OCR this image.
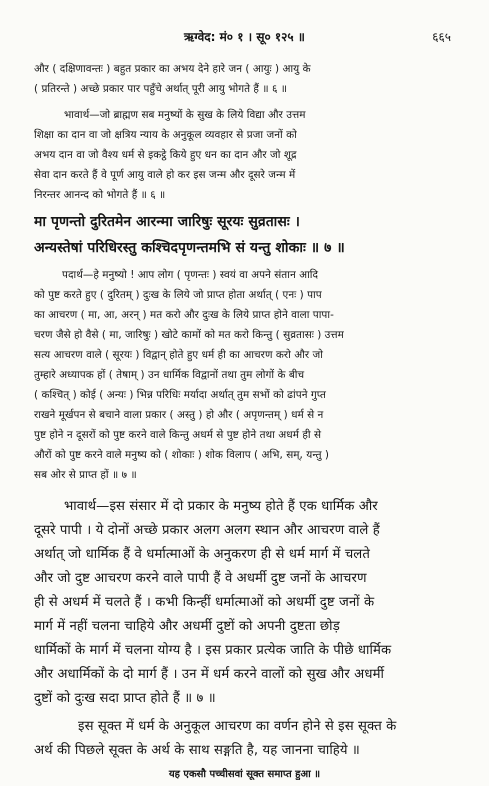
ऋग्वेद: मं० १ । सू० १२५ ॥	६६५
और ( दक्षिणावन्तः ) बहुत प्रकार का अभय देने हारे जन ( आयुः ) आयु के
( प्रतिरन्ते ) अच्छे प्रकार पार पहुँचे अर्थात् पूरी आयु भोगते हैं ॥ ६ ॥
भावार्थ—जो ब्राह्मण सब मनुष्यों के सुख के लिये विद्या और उत्तम
शिक्षा का दान वा जो क्षत्रिय न्याय के अनुकूल व्यवहार से प्रजा जनों को
अभय दान वा जो वैश्य धर्म से इकट्ठे किये हुए धन का दान और जो शूद्र
सेवा दान करते हैं वे पूर्ण आयु वाले हो कर इस जन्म और दूसरे जन्म में
निरन्तर आनन्द को भोगते हैं ॥ ६ ॥
मा पृणन्तो दुरितमेन आरन्मा जारिषुः सूरयः सुव्रतासः ।
अन्यस्तेषां परिधिरस्तु कश्चिदपृणन्तमभि सं यन्तु शोकाः ॥ ७ ॥
पदार्थ—हे मनुष्यो ! आप लोग ( पृणन्तः ) स्वयं वा अपने संतान आदि
को पुष्ट करते हुए ( दुरितम् ) दुःख के लिये जो प्राप्त होता अर्थात् ( एनः ) पाप
का आचरण ( मा, आ, अरन् ) मत करो और दुःख के लिये प्राप्त होने वाला पापा-
चरण जैसे हो वैसे ( मा, जारिषुः ) खोटे कामों को मत करो किन्तु ( सुव्रतासः ) उत्तम
सत्य आचरण वाले ( सूरयः ) विद्वान् होते हुए धर्म ही का आचरण करो और जो
तुम्हारे अध्यापक हों ( तेषाम् ) उन धार्मिक विद्वानों तथा तुम लोगों के बीच
( कश्चित् ) कोई ( अन्यः ) भिन्न परिधिः मर्यादा अर्थात् तुम सभों को ढांपने गुप्त
राखने मूर्खपन से बचाने वाला प्रकार ( अस्तु ) हो और ( अपृणन्तम् ) धर्म से न
पुष्ट होने न दूसरों को पुष्ट करने वाले किन्तु अधर्म से पुष्ट होने तथा अधर्म ही से
औरों को पुष्ट करने वाले मनुष्य को ( शोकाः ) शोक विलाप ( अभि, सम्, यन्तु )
सब ओर से प्राप्त हों ॥ ७ ॥
भावार्थ—इस संसार में दो प्रकार के मनुष्य होते हैं एक धार्मिक और
दूसरे पापी । ये दोनों अच्छे प्रकार अलग अलग स्थान और आचरण वाले हैं
अर्थात् जो धार्मिक हैं वे धर्मात्माओं के अनुकरण ही से धर्म मार्ग में चलते
और जो दुष्ट आचरण करने वाले पापी हैं वे अधर्मी दुष्ट जनों के आचरण
ही से अधर्म में चलते हैं । कभी किन्हीं धर्मात्माओं को अधर्मी दुष्ट जनों के
मार्ग में नहीं चलना चाहिये और अधर्मी दुष्टों को अपनी दुष्टता छोड़
धार्मिकों के मार्ग में चलना योग्य है । इस प्रकार प्रत्येक जाति के पीछे धार्मिक
और अधार्मिकों के दो मार्ग हैं । उन में धर्म करने वालों को सुख और अधर्मी
दुष्टों को दुःख सदा प्राप्त होते हैं ॥ ७ ॥
इस सूक्त में धर्म के अनुकूल आचरण का वर्णन होने से इस सूक्त के
अर्थ की पिछले सूक्त के अर्थ के साथ सङ्गति है, यह जानना चाहिये ॥
यह एकसौ पच्चीसवां सूक्त समाप्त हुआ ॥
